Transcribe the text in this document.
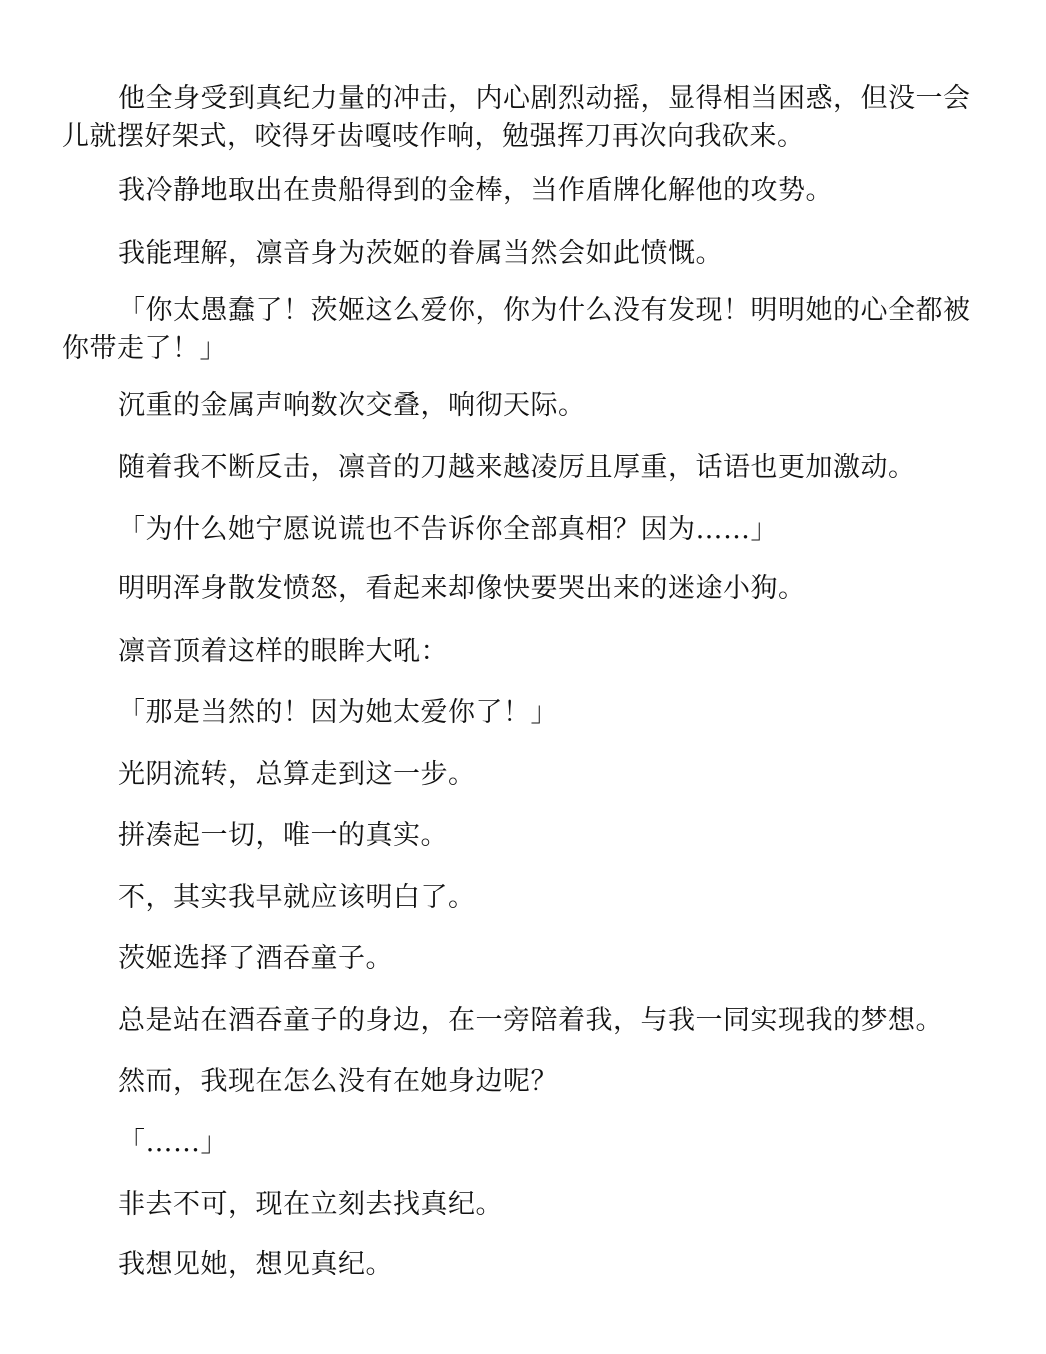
他全身受到真纪力量的冲击，内心剧烈动摇，显得相当困惑，但没一会儿就摆好架式，咬得牙齿嘎吱作响，勉强挥刀再次向我砍来。

我冷静地取出在贵船得到的金棒，当作盾牌化解他的攻势。

我能理解，凛音身为茨姬的眷属当然会如此愤慨。

「你太愚蠢了！茨姬这么爱你，你为什么没有发现！明明她的心全都被你带走了！」

沉重的金属声响数次交叠，响彻天际。

随着我不断反击，凛音的刀越来越凌厉且厚重，话语也更加激动。

「为什么她宁愿说谎也不告诉你全部真相？因为……」

明明浑身散发愤怒，看起来却像快要哭出来的迷途小狗。

凛音顶着这样的眼眸大吼：

「那是当然的！因为她太爱你了！」

光阴流转，总算走到这一步。

拼凑起一切，唯一的真实。

不，其实我早就应该明白了。

茨姬选择了酒吞童子。

总是站在酒吞童子的身边，在一旁陪着我，与我一同实现我的梦想。

然而，我现在怎么没有在她身边呢？

「……」

非去不可，现在立刻去找真纪。

我想见她，想见真纪。
